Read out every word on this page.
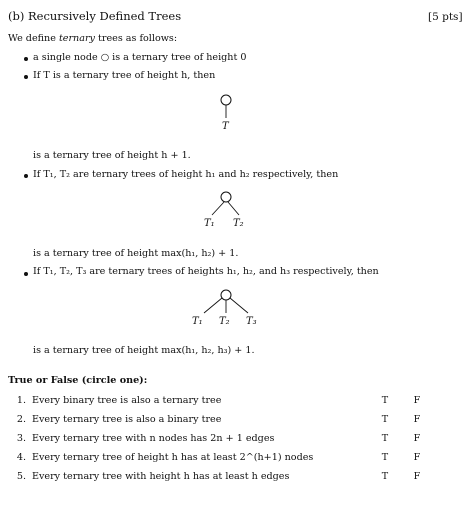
(b) Recursively Defined Trees	[5 pts]
We define ternary trees as follows:
a single node ○ is a ternary tree of height 0
If T is a ternary tree of height h, then
T
is a ternary tree of height h + 1.
If T₁, T₂ are ternary trees of height h₁ and h₂ respectively, then
T₁ T₂
is a ternary tree of height max(h₁, h₂) + 1.
If T₁, T₂, T₃ are ternary trees of heights h₁, h₂, and h₃ respectively, then
T₁ T₂ T₃
is a ternary tree of height max(h₁, h₂, h₃) + 1.
True or False (circle one):
1. Every binary tree is also a ternary tree	T	F
2. Every ternary tree is also a binary tree	T	F
3. Every ternary tree with n nodes has 2n + 1 edges	T	F
4. Every ternary tree of height h has at least 2^(h+1) nodes	T	F
5. Every ternary tree with height h has at least h edges	T	F
